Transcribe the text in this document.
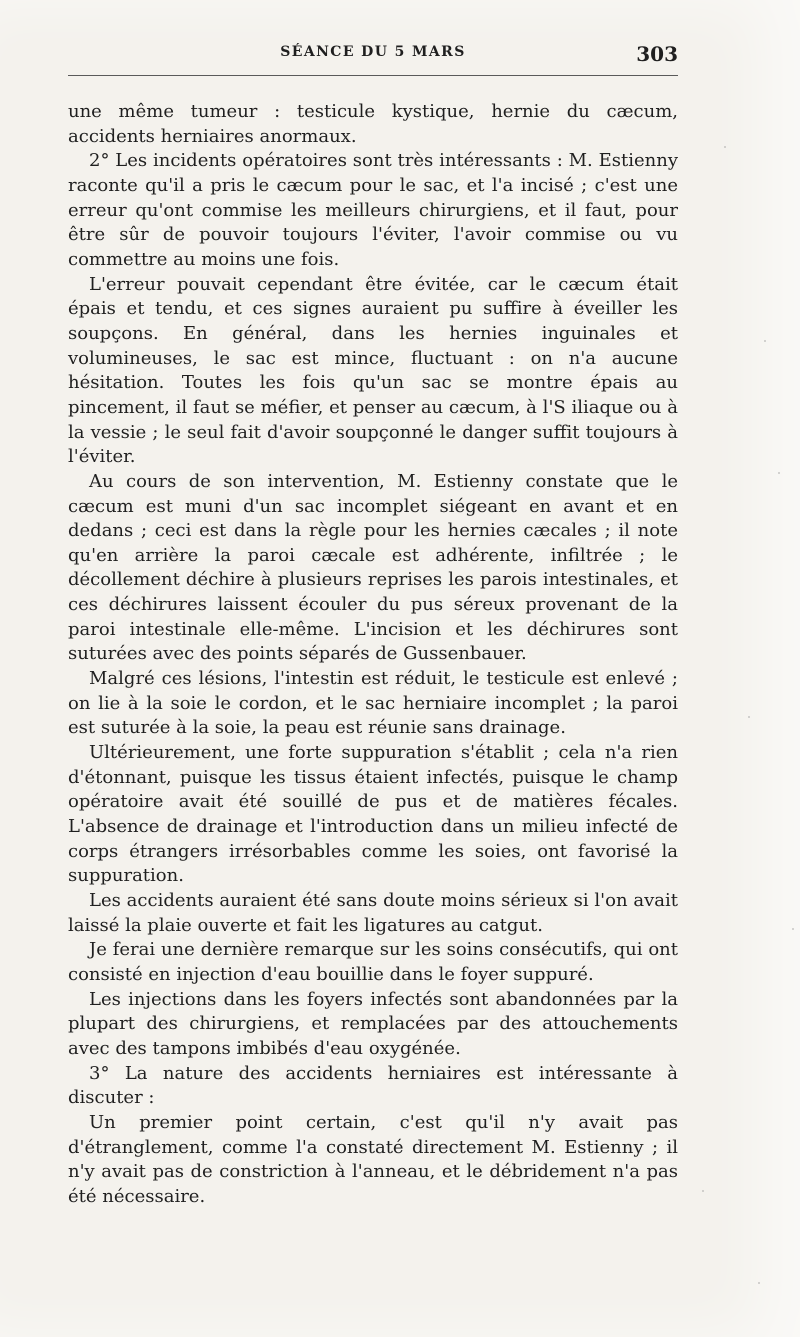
SÉANCE DU 5 MARS	303

une même tumeur : testicule kystique, hernie du cæcum, accidents herniaires anormaux.

2° Les incidents opératoires sont très intéressants : M. Estienny raconte qu'il a pris le cæcum pour le sac, et l'a incisé ; c'est une erreur qu'ont commise les meilleurs chirurgiens, et il faut, pour être sûr de pouvoir toujours l'éviter, l'avoir commise ou vu commettre au moins une fois.

L'erreur pouvait cependant être évitée, car le cæcum était épais et tendu, et ces signes auraient pu suffire à éveiller les soupçons. En général, dans les hernies inguinales et volumineuses, le sac est mince, fluctuant : on n'a aucune hésitation. Toutes les fois qu'un sac se montre épais au pincement, il faut se méfier, et penser au cæcum, à l'S iliaque ou à la vessie ; le seul fait d'avoir soupçonné le danger suffit toujours à l'éviter.

Au cours de son intervention, M. Estienny constate que le cæcum est muni d'un sac incomplet siégeant en avant et en dedans ; ceci est dans la règle pour les hernies cæcales ; il note qu'en arrière la paroi cæcale est adhérente, infiltrée ; le décollement déchire à plusieurs reprises les parois intestinales, et ces déchirures laissent écouler du pus séreux provenant de la paroi intestinale elle-même. L'incision et les déchirures sont suturées avec des points séparés de Gussenbauer.

Malgré ces lésions, l'intestin est réduit, le testicule est enlevé ; on lie à la soie le cordon, et le sac herniaire incomplet ; la paroi est suturée à la soie, la peau est réunie sans drainage.

Ultérieurement, une forte suppuration s'établit ; cela n'a rien d'étonnant, puisque les tissus étaient infectés, puisque le champ opératoire avait été souillé de pus et de matières fécales. L'absence de drainage et l'introduction dans un milieu infecté de corps étrangers irrésorbables comme les soies, ont favorisé la suppuration.

Les accidents auraient été sans doute moins sérieux si l'on avait laissé la plaie ouverte et fait les ligatures au catgut.

Je ferai une dernière remarque sur les soins consécutifs, qui ont consisté en injection d'eau bouillie dans le foyer suppuré.

Les injections dans les foyers infectés sont abandonnées par la plupart des chirurgiens, et remplacées par des attouchements avec des tampons imbibés d'eau oxygénée.

3° La nature des accidents herniaires est intéressante à discuter :

Un premier point certain, c'est qu'il n'y avait pas d'étranglement, comme l'a constaté directement M. Estienny ; il n'y avait pas de constriction à l'anneau, et le débridement n'a pas été nécessaire.
